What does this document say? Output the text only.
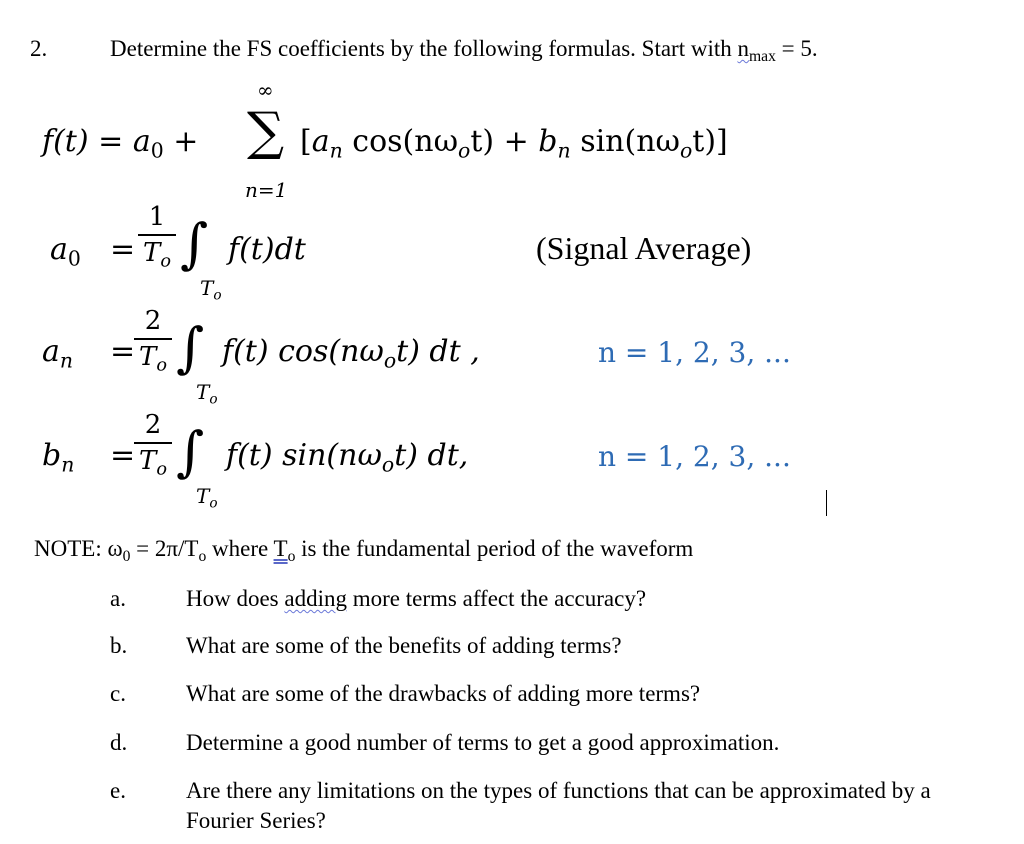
2.	Determine the FS coefficients by the following formulas. Start with $n_{max} = 5$.
∞
∑
n=1
$f(t) = a_0$ +	[$a_n$ $\cos(n\omega_ot) + b_n$ $\sin(n\omega_ot)$]
$a_0$ =
1
$T_o$ ∫
$T_o$
f(t)dt	(Signal Average)
$a_n$ =
2
$T_o$ ∫
$T_o$
f(t) $\cos(n\omega_ot)$ dt ,	n = 1, 2, 3, ...
$b_n$ =
2
$T_o$ ∫
$T_o$
f(t) $\sin(n\omega_ot)$ dt,	n = 1, 2, 3, ...
NOTE: $\omega_0 = 2\pi/T_o$ where $T_o$ is the fundamental period of the waveform
a.	How does adding more terms affect the accuracy?
b.	What are some of the benefits of adding terms?
c.	What are some of the drawbacks of adding more terms?
d.	Determine a good number of terms to get a good approximation.
e.	Are there any limitations on the types of functions that can be approximated by a
Fourier Series?
